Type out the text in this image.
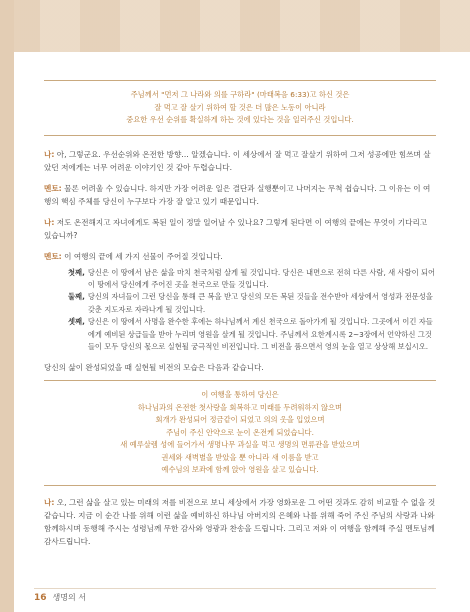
주님께서 "먼저 그 나라와 의를 구하라" (마태복음 6:33)고 하신 것은

잘 먹고 잘 살기 위하여 할 것은 더 많은 노동이 아니라

중요한 우선 순위를 확실하게 하는 것에 있다는 것을 일러주신 것입니다.

나: 아, 그렇군요. 우선순위와 온전한 방향… 알겠습니다. 이 세상에서 잘 먹고 잘살기 위하여 그저 성공에만 힘쓰며 살았던 저에게는 너무 어려운 이야기인 것 같아 두렵습니다.

멘토: 물론 어려울 수 있습니다. 하지만 가장 어려운 일은 결단과 실행뿐이고 나머지는 무척 쉽습니다. 그 이유는 이 여행의 핵심 주체를 당신이 누구보다 가장 잘 알고 있기 때문입니다.

나: 저도 온전해지고 자녀에게도 복된 일이 정말 일어날 수 있나요? 그렇게 된다면 이 여행의 끝에는 무엇이 기다리고 있습니까?

멘토: 이 여행의 끝에 세 가지 선물이 주어질 것입니다.

첫째, 당신은 이 땅에서 남은 삶을 마치 천국처럼 살게 될 것입니다. 당신은 내면으로 전혀 다른 사람, 새 사람이 되어 이 땅에서 당신에게 주어진 곳을 천국으로 만들 것입니다.
둘째, 당신의 자녀들이 그런 당신을 통해 큰 복을 받고 당신의 모든 복된 것들을 전수받아 세상에서 영성과 전문성을 갖춘 지도자로 자라나게 될 것입니다.
셋째, 당신은 이 땅에서 사명을 완수한 후에는 하나님께서 계신 천국으로 돌아가게 될 것입니다. 그곳에서 이긴 자들에게 예비된 상급들을 받아 누리며 영원을 살게 될 것입니다. 주님께서 요한계시록 2~3장에서 언약하신 그것들이 모두 당신의 몫으로 실현될 궁극적인 비전입니다. 그 비전을 품으면서 영의 눈을 열고 상상해 보십시오.

당신의 삶이 완성되었을 때 실현될 비전의 모습은 다음과 같습니다.

이 여행을 통하여 당신은

하나님과의 온전한 첫사랑을 회복하고 미래를 두려워하지 않으며

회개가 완성되어 정금같이 되었고 의의 옷을 입었으며

주님이 주신 안약으로 눈이 온전케 되었습니다.

새 예루살렘 성에 들어가서 생명나무 과실을 먹고 생명의 면류관을 받았으며

권세와 새벽별을 받았을 뿐 아니라 새 이름을 받고

예수님의 보좌에 함께 앉아 영원을 살고 있습니다.

나: 오, 그런 삶을 살고 있는 미래의 저를 비전으로 보니 세상에서 가장 영화로운 그 어떤 것과도 감히 비교할 수 없을 것 같습니다. 지금 이 순간 나를 위해 이런 삶을 예비하신 하나님 아버지의 은혜와 나를 위해 죽어 주신 주님의 사랑과 나와 함께하시며 동행해 주시는 성령님께 무한 감사와 영광과 찬송을 드립니다. 그리고 저와 이 여행을 함께해 주실 멘토님께 감사드립니다.

16 생명의 서
